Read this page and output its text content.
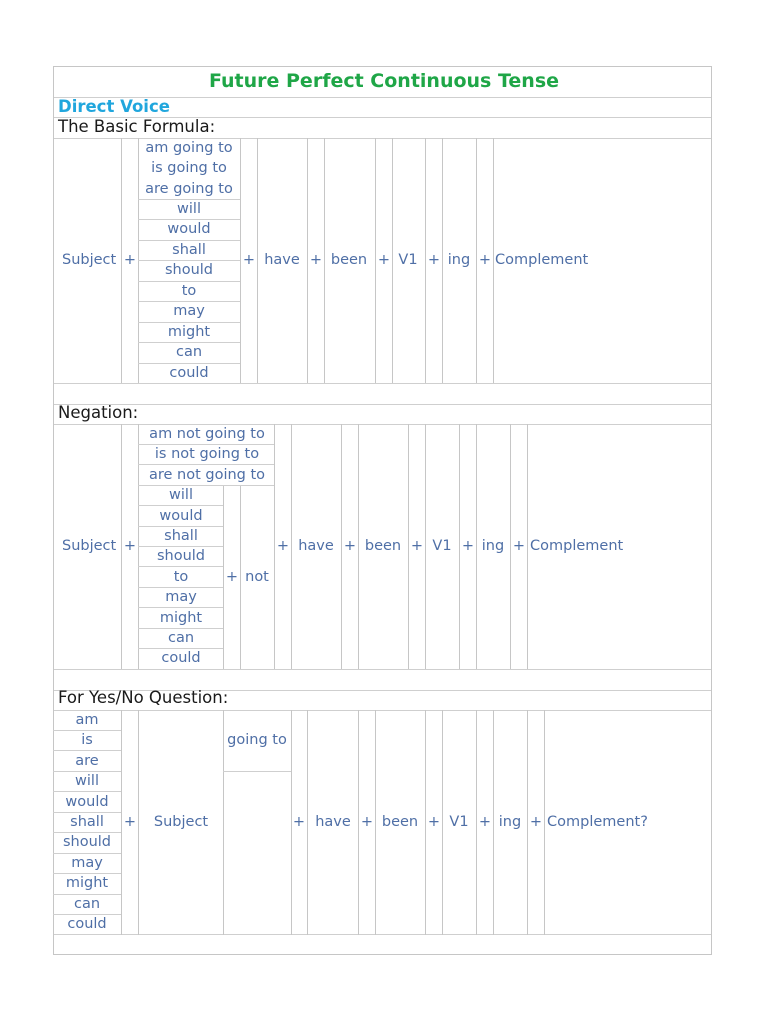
Future Perfect Continuous Tense
Direct Voice
The Basic Formula:
am going to
is going to
are going to
will
would
shall
should
to
may
might
can
could
Subject +	+ have + been + V1 + ing + Complement
Negation:
am not going to
is not going to
are not going to
will
would
shall
should
to
may
might
can
could
Subject +
+ not
+ have + been + V1 + ing + Complement
For Yes/No Question:
am
is
are
will
would
shall
should
may
might
can
could
+ Subject
going to
+ have + been + V1 + ing + Complement?
